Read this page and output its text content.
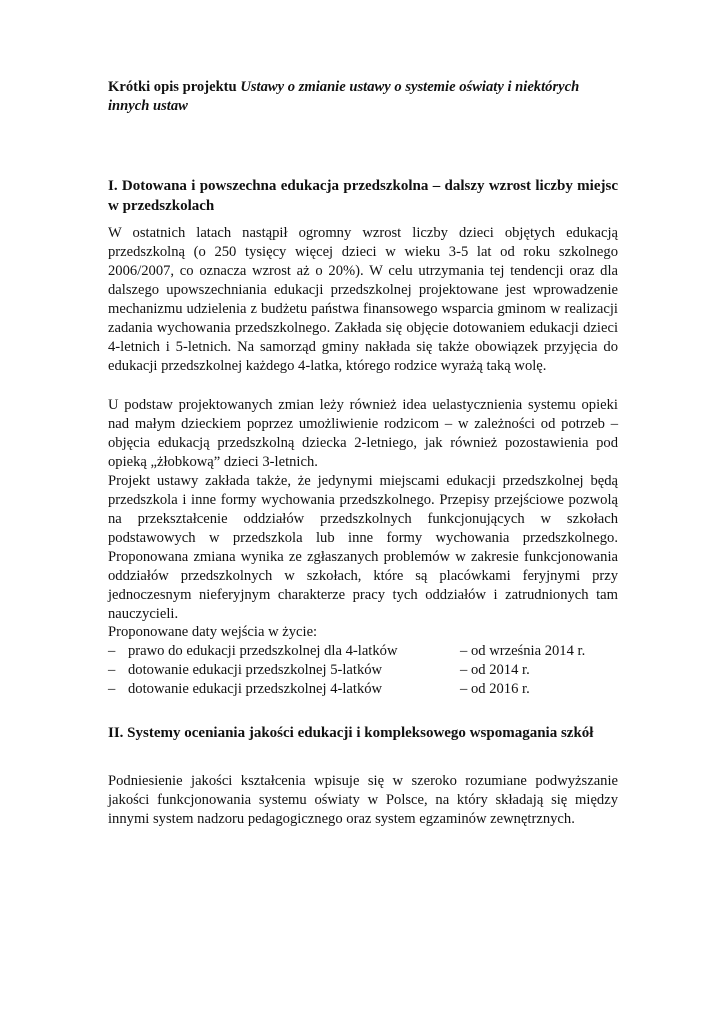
Krótki opis projektu Ustawy o zmianie ustawy o systemie oświaty i niektórych innych ustaw
I. Dotowana i powszechna edukacja przedszkolna – dalszy wzrost liczby miejsc w przedszkolach
W ostatnich latach nastąpił ogromny wzrost liczby dzieci objętych edukacją przedszkolną (o 250 tysięcy więcej dzieci w wieku 3-5 lat od roku szkolnego 2006/2007, co oznacza wzrost aż o 20%). W celu utrzymania tej tendencji oraz dla dalszego upowszechniania edukacji przedszkolnej projektowane jest wprowadzenie mechanizmu udzielenia z budżetu państwa finansowego wsparcia gminom w realizacji zadania wychowania przedszkolnego. Zakłada się objęcie dotowaniem edukacji dzieci 4-letnich i 5-letnich. Na samorząd gminy nakłada się także obowiązek przyjęcia do edukacji przedszkolnej każdego 4-latka, którego rodzice wyrażą taką wolę.
U podstaw projektowanych zmian leży również idea uelastycznienia systemu opieki nad małym dzieckiem poprzez umożliwienie rodzicom – w zależności od potrzeb – objęcia edukacją przedszkolną dziecka 2-letniego, jak również pozostawienia pod opieką „żłobkową” dzieci 3-letnich.
Projekt ustawy zakłada także, że jedynymi miejscami edukacji przedszkolnej będą przedszkola i inne formy wychowania przedszkolnego. Przepisy przejściowe pozwolą na przekształcenie oddziałów przedszkolnych funkcjonujących w szkołach podstawowych w przedszkola lub inne formy wychowania przedszkolnego. Proponowana zmiana wynika ze zgłaszanych problemów w zakresie funkcjonowania oddziałów przedszkolnych w szkołach, które są placówkami feryjnymi przy jednoczesnym nieferyjnym charakterze pracy tych oddziałów i zatrudnionych tam nauczycieli.
Proponowane daty wejścia w życie:
– prawo do edukacji przedszkolnej dla 4-latków	– od września 2014 r.
– dotowanie edukacji przedszkolnej 5-latków	– od 2014 r.
– dotowanie edukacji przedszkolnej 4-latków	– od 2016 r.
II. Systemy oceniania jakości edukacji i kompleksowego wspomagania szkół
Podniesienie jakości kształcenia wpisuje się w szeroko rozumiane podwyższanie jakości funkcjonowania systemu oświaty w Polsce, na który składają się między innymi system nadzoru pedagogicznego oraz system egzaminów zewnętrznych.
